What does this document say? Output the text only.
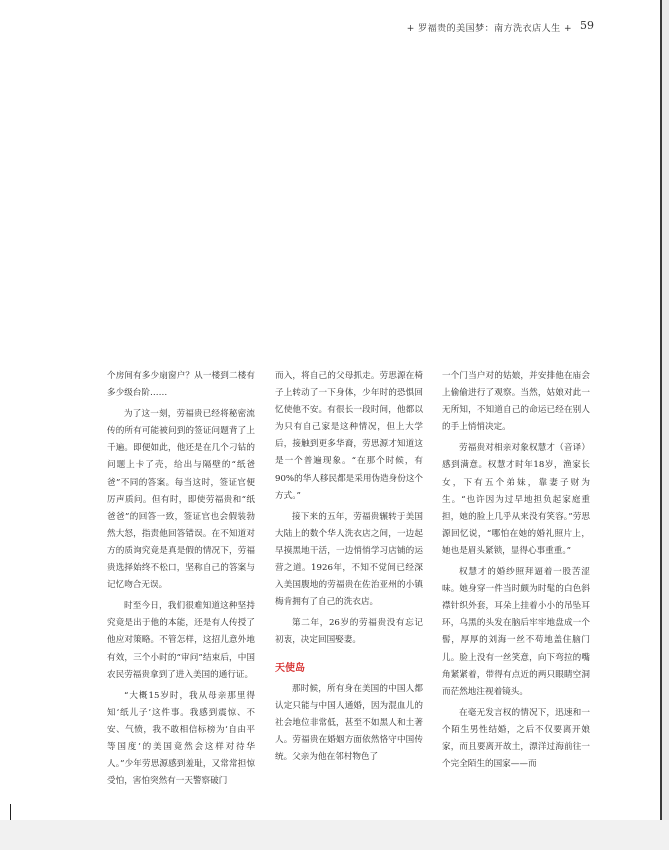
+ 罗福贵的美国梦：南方洗衣店人生 + 59

个房间有多少扇窗户？从一楼到二楼有多少级台阶……

为了这一刻，劳福贵已经将秘密流传的所有可能被问到的签证问题背了上千遍。即便如此，他还是在几个刁钻的问题上卡了壳，给出与隔壁的“纸爸爸”不同的答案。每当这时，签证官便厉声质问。但有时，即使劳福贵和“纸爸爸”的回答一致，签证官也会假装勃然大怒，指责他回答错误。在不知道对方的质询究竟是真是假的情况下，劳福贵选择始终不松口，坚称自己的答案与记忆吻合无误。

时至今日，我们很难知道这种坚持究竟是出于他的本能，还是有人传授了他应对策略。不管怎样，这招儿意外地有效，三个小时的“审问”结束后，中国农民劳福贵拿到了进入美国的通行证。

“大概15岁时，我从母亲那里得知‘纸儿子’这件事。我感到震惊、不安、气愤，我不敢相信标榜为‘自由平等国度’的美国竟然会这样对待华人。”少年劳思源感到羞耻，又常常担惊受怕，害怕突然有一天警察破门

而入，将自己的父母抓走。劳思源在椅子上转动了一下身体，少年时的恐惧回忆使他不安。有很长一段时间，他都以为只有自己家是这种情况，但上大学后，接触到更多华裔，劳思源才知道这是一个普遍现象。“在那个时候，有90%的华人移民都是采用伪造身份这个方式。”

接下来的五年，劳福贵辗转于美国大陆上的数个华人洗衣店之间，一边起早摸黑地干活，一边悄悄学习店铺的运营之道。1926年，不知不觉间已经深入美国腹地的劳福贵在佐治亚州的小镇梅肯拥有了自己的洗衣店。

第二年，26岁的劳福贵没有忘记初衷，决定回国娶妻。

天使岛

那时候，所有身在美国的中国人都认定只能与中国人通婚，因为混血儿的社会地位非常低，甚至不如黑人和土著人。劳福贵在婚姻方面依然恪守中国传统。父亲为他在邻村物色了

一个门当户对的姑娘，并安排他在庙会上偷偷进行了观察。当然，姑娘对此一无所知，不知道自己的命运已经在别人的手上悄悄决定。

劳福贵对相亲对象权慧才（音译）感到满意。权慧才时年18岁，渔家长女，下有五个弟妹，靠妻子财为生。“也许因为过早地担负起家庭重担，她的脸上几乎从来没有笑容。”劳思源回忆说，“哪怕在她的婚礼照片上，她也是眉头紧锁，显得心事重重。”

权慧才的婚纱照拜逼着一股苦涩味。她身穿一件当时颇为时髦的白色斜襟针织外套，耳朵上挂着小小的吊坠耳环，乌黑的头发在脑后牢牢地盘成一个髻，厚厚的刘海一丝不苟地盖住脑门儿。脸上没有一丝笑意，向下弯拉的嘴角紧紧着，带得有点近的两只眼睛空洞而茫然地注视着镜头。

在毫无发言权的情况下，迅速和一个陌生男性结婚，之后不仅要离开娘家，而且要离开故土，漂洋过海前往一个完全陌生的国家——而
